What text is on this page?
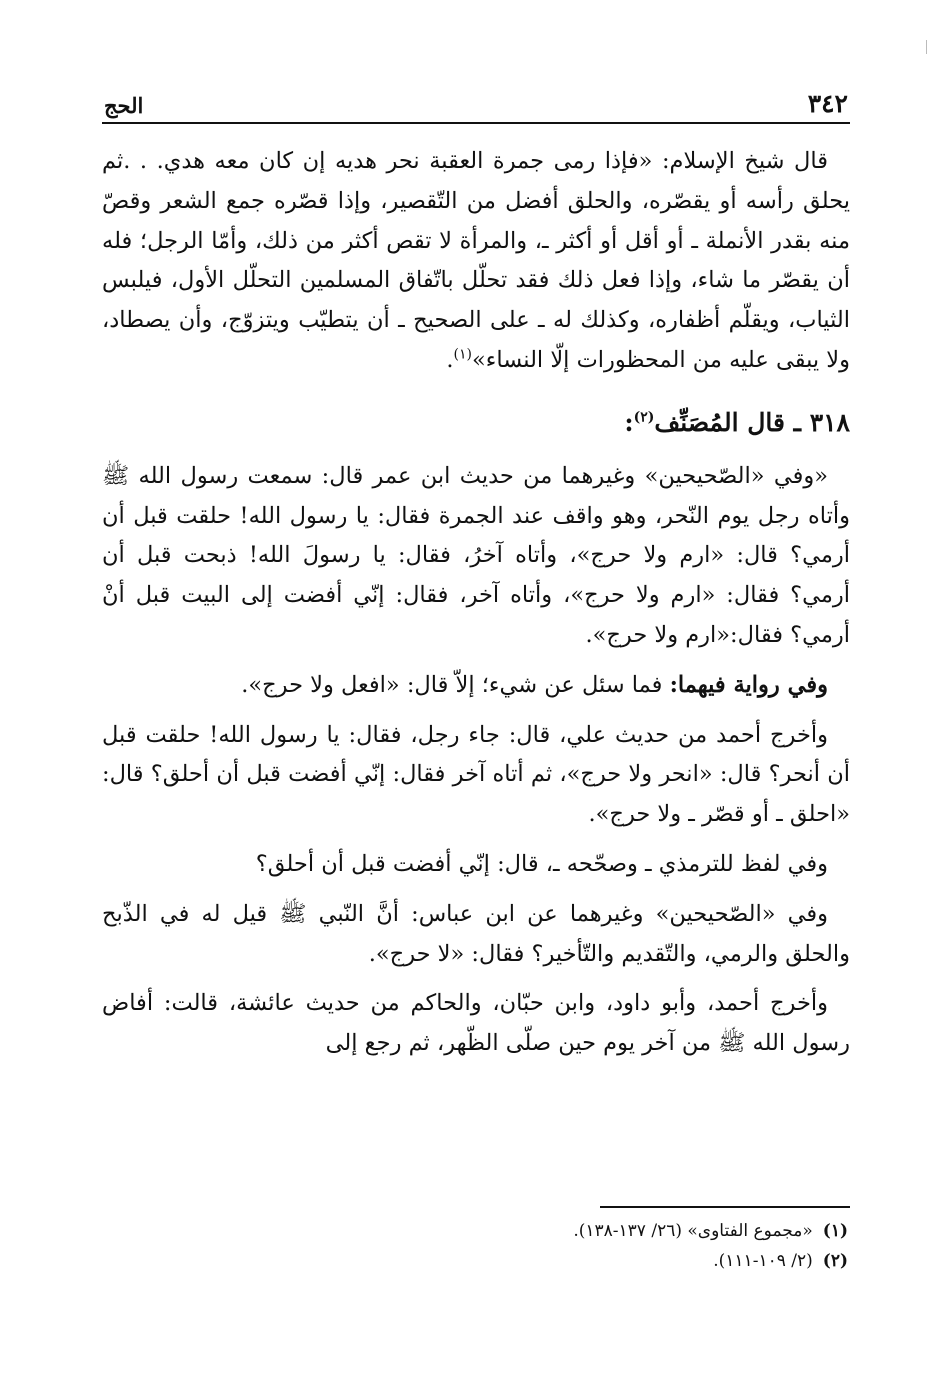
٣٤٢
الحج

قال شيخ الإسلام: «فإذا رمى جمرة العقبة نحر هديه إن كان معه هدي. . .ثم يحلق رأسه أو يقصّره، والحلق أفضل من التّقصير، وإذا قصّره جمع الشعر وقصّ منه بقدر الأنملة ـ أو أقل أو أكثر ـ، والمرأة لا تقص أكثر من ذلك، وأمّا الرجل؛ فله أن يقصّر ما شاء، وإذا فعل ذلك فقد تحلّل باتّفاق المسلمين التحلّل الأول، فيلبس الثياب، ويقلّم أظفاره، وكذلك له ـ على الصحيح ـ أن يتطيّب ويتزوّج، وأن يصطاد، ولا يبقى عليه من المحظورات إلّا النساء»$^{(١)}$.

٣١٨ ـ قال المُصَنِّف$^{(٢)}$:

«وفي «الصّحيحين» وغيرهما من حديث ابن عمر قال: سمعت رسول الله ﷺ وأتاه رجل يوم النّحر، وهو واقف عند الجمرة فقال: يا رسول الله! حلقت قبل أن أرمي؟ قال: «ارم ولا حرج»، وأتاه آخرُ، فقال: يا رسولَ الله! ذبحت قبل أن أرمي؟ فقال: «ارم ولا حرج»، وأتاه آخر، فقال: إنّي أفضت إلى البيت قبل أنْ أرمي؟ فقال:«ارم ولا حرج».

وفي رواية فيهما: فما سئل عن شيء؛ إلاّ قال: «افعل ولا حرج».

وأخرج أحمد من حديث علي، قال: جاء رجل، فقال: يا رسول الله! حلقت قبل أن أنحر؟ قال: «انحر ولا حرج»، ثم أتاه آخر فقال: إنّي أفضت قبل أن أحلق؟ قال: «احلق ـ أو قصّر ـ ولا حرج».

وفي لفظ للترمذي ـ وصحّحه ـ، قال: إنّي أفضت قبل أن أحلق؟

وفي «الصّحيحين» وغيرهما عن ابن عباس: أنَّ النّبي ﷺ قيل له في الذّبح والحلق والرمي، والتّقديم والتّأخير؟ فقال: «لا حرج».

وأخرج أحمد، وأبو داود، وابن حبّان، والحاكم من حديث عائشة، قالت: أفاض رسول الله ﷺ من آخر يوم حين صلّى الظّهر، ثم رجع إلى

(١)«مجموع الفتاوى» (٢٦/ ١٣٧-١٣٨).

(٢)(٢/ ١٠٩-١١١).
